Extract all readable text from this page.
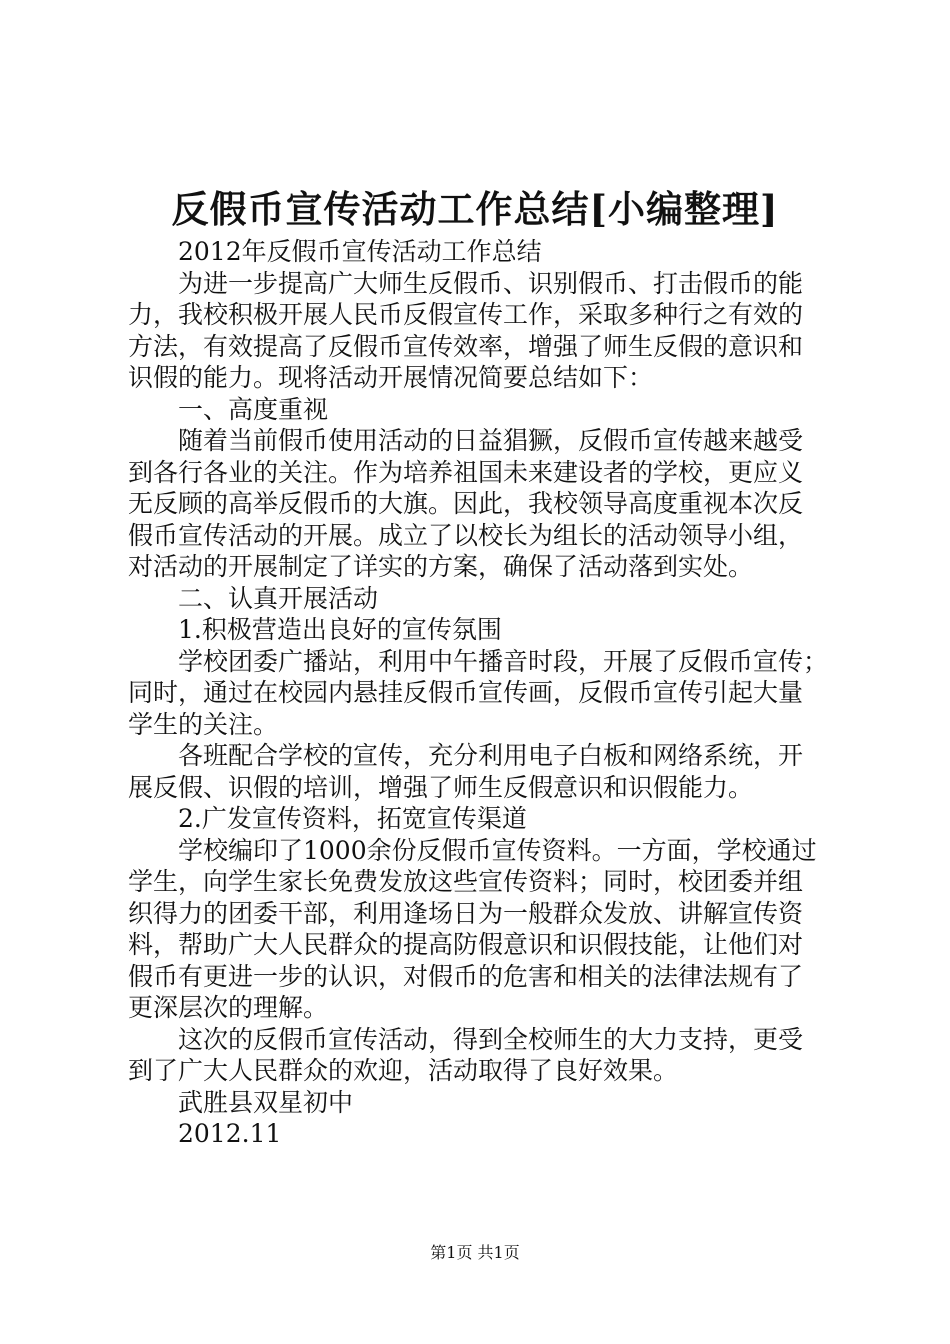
反假币宣传活动工作总结[小编整理]
2012年反假币宣传活动工作总结
为进一步提高广大师生反假币、识别假币、打击假币的能
力，我校积极开展人民币反假宣传工作，采取多种行之有效的
方法，有效提高了反假币宣传效率，增强了师生反假的意识和
识假的能力。现将活动开展情况简要总结如下：
一、高度重视
随着当前假币使用活动的日益猖獗，反假币宣传越来越受
到各行各业的关注。作为培养祖国未来建设者的学校，更应义
无反顾的高举反假币的大旗。因此，我校领导高度重视本次反
假币宣传活动的开展。成立了以校长为组长的活动领导小组，
对活动的开展制定了详实的方案，确保了活动落到实处。
二、认真开展活动
1.积极营造出良好的宣传氛围
学校团委广播站，利用中午播音时段，开展了反假币宣传；
同时，通过在校园内悬挂反假币宣传画，反假币宣传引起大量
学生的关注。
各班配合学校的宣传，充分利用电子白板和网络系统，开
展反假、识假的培训，增强了师生反假意识和识假能力。
2.广发宣传资料，拓宽宣传渠道
学校编印了1000余份反假币宣传资料。一方面，学校通过
学生，向学生家长免费发放这些宣传资料；同时，校团委并组
织得力的团委干部，利用逢场日为一般群众发放、讲解宣传资
料，帮助广大人民群众的提高防假意识和识假技能，让他们对
假币有更进一步的认识，对假币的危害和相关的法律法规有了
更深层次的理解。
这次的反假币宣传活动，得到全校师生的大力支持，更受
到了广大人民群众的欢迎，活动取得了良好效果。
武胜县双星初中
2012.11
第1页 共1页
